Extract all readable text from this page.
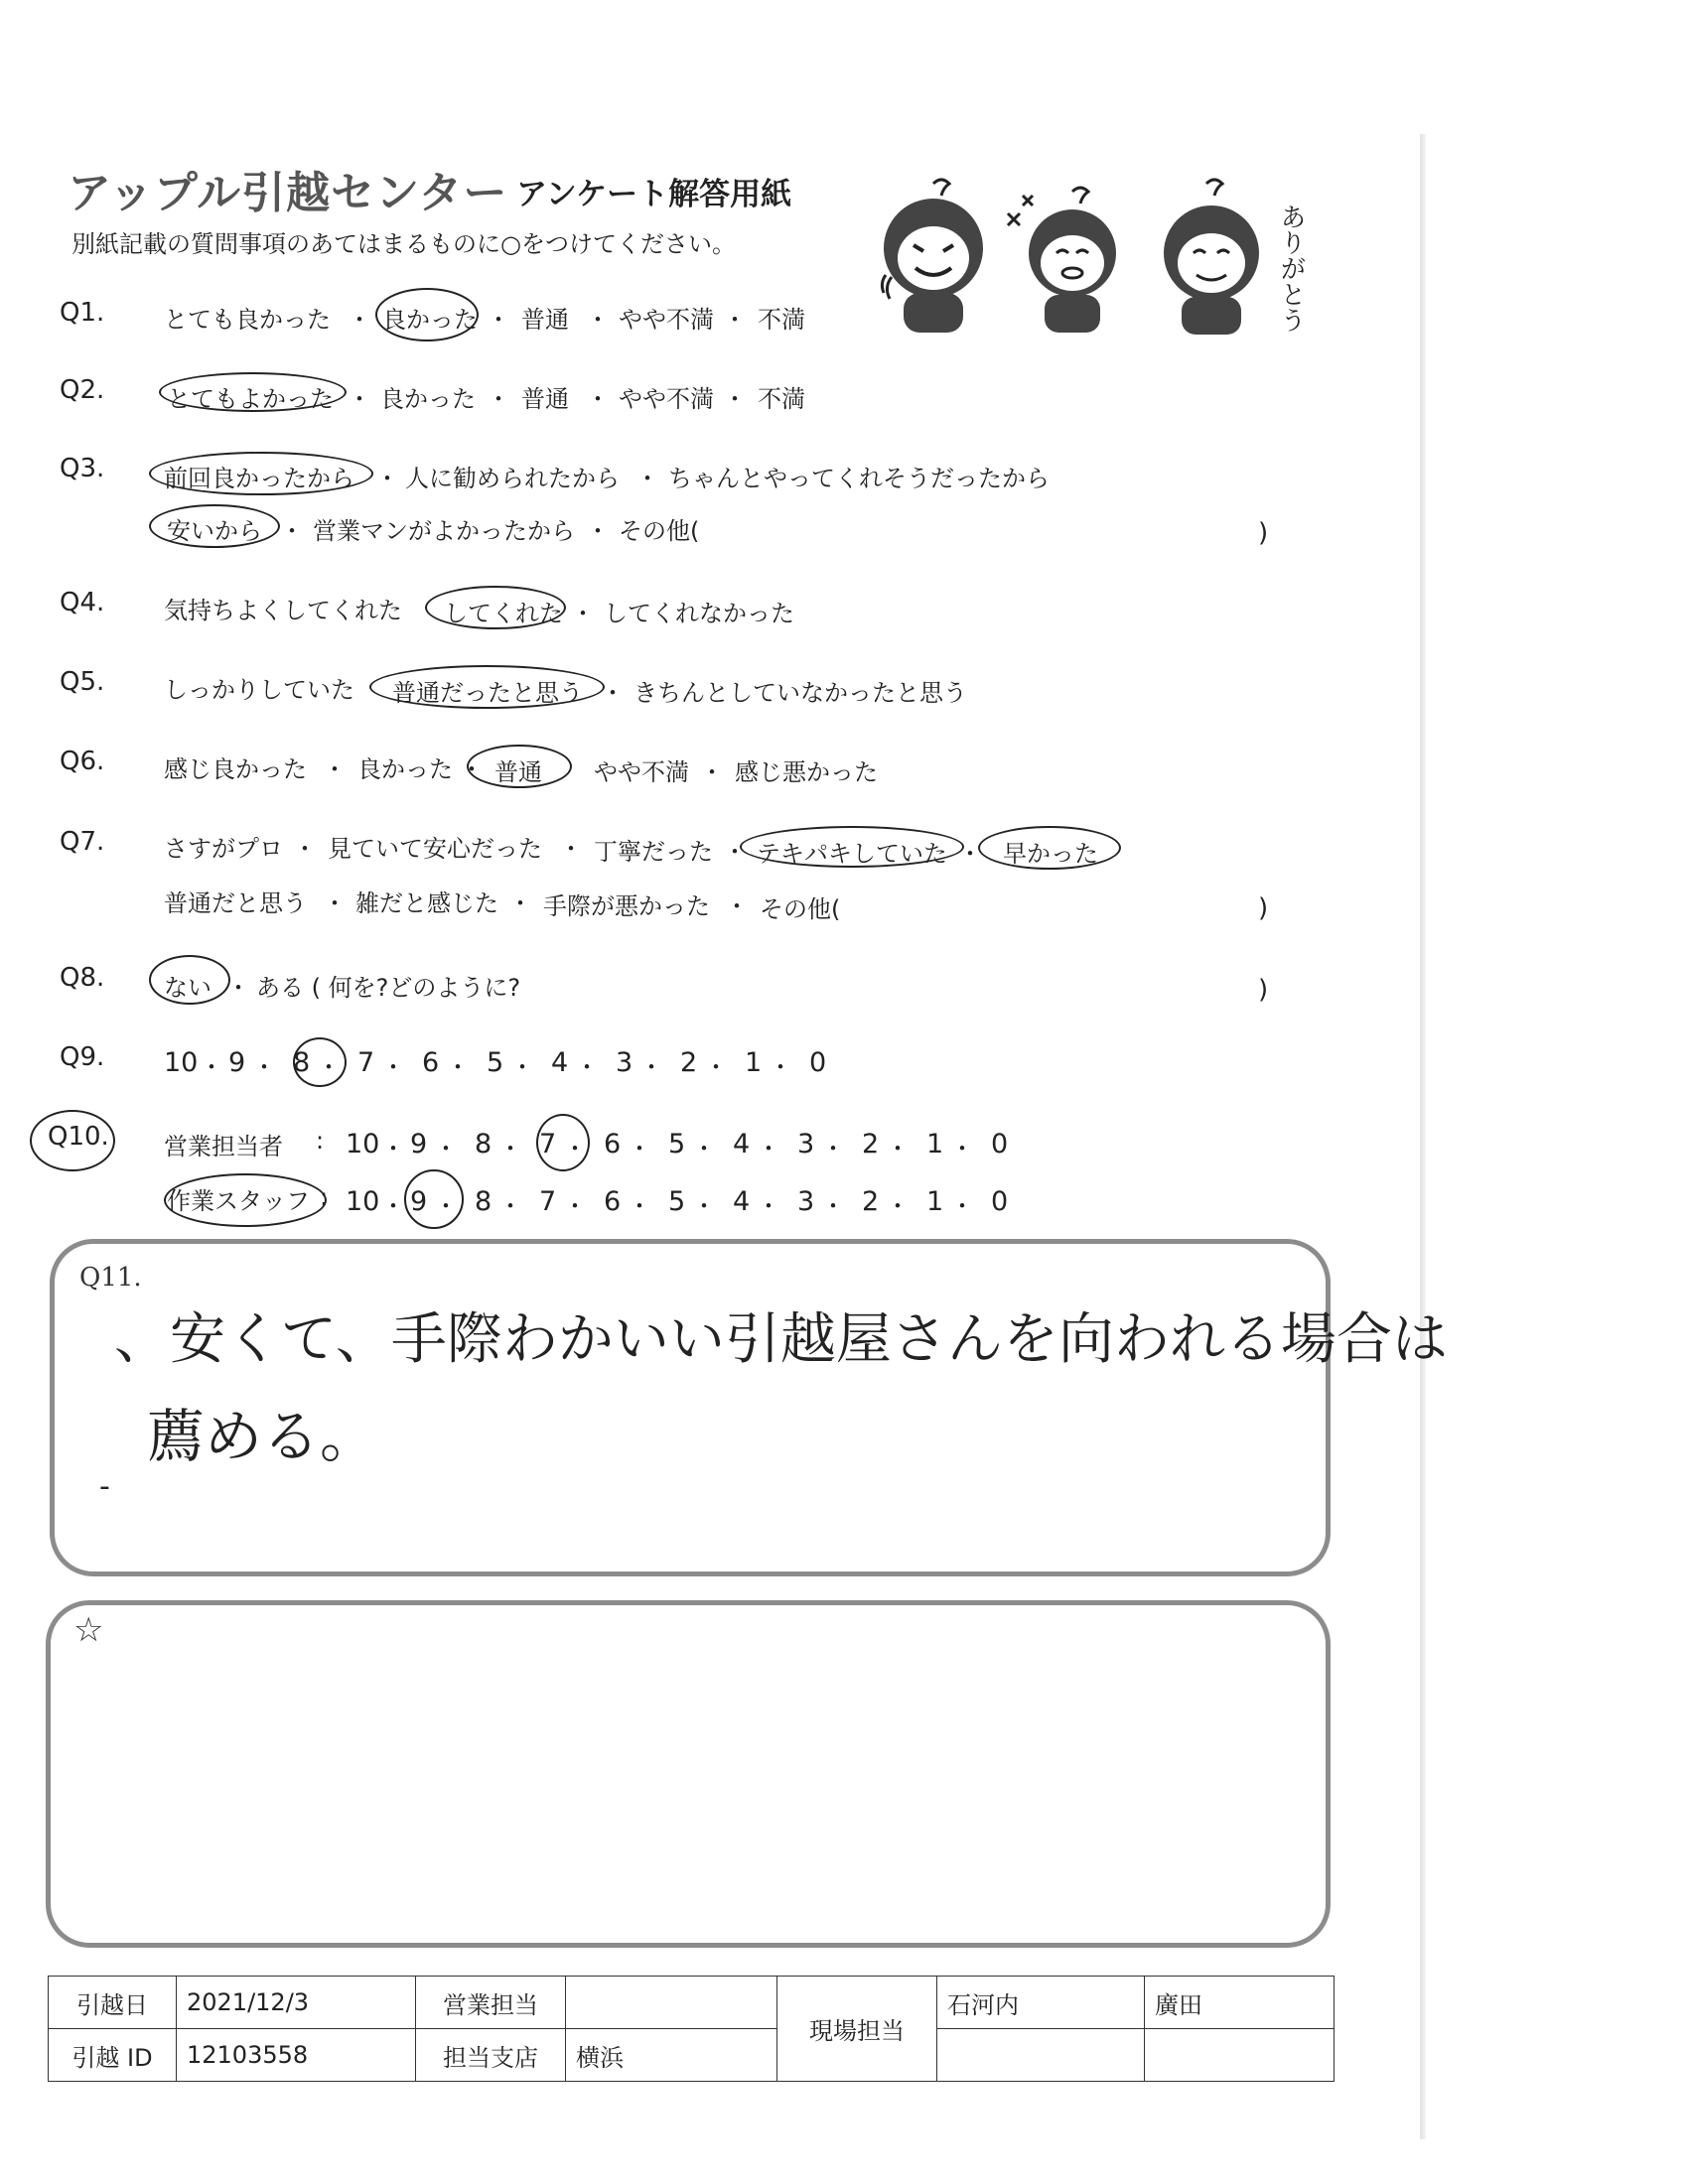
アップル引越センター アンケート解答用紙
別紙記載の質問事項のあてはまるものに○をつけてください。	ありがとう
Q1. とても良かった ・ 良かった ・ 普通 ・ やや不満 ・ 不満
Q2.	とてもよかった ・ 良かった ・ 普通 ・ やや不満 ・ 不満
Q3. 前回良かったから ・ 人に勧められたから ・ ちゃんとやってくれそうだったから
安いから ・ 営業マンがよかったから ・ その他(	)
Q4. 気持ちよくしてくれた してくれた ・ してくれなかった
Q5. しっかりしていた 普通だったと思う ・ きちんとしていなかったと思う
Q6. 感じ良かった ・ 良かった ・ 普通 やや不満 ・ 感じ悪かった
Q7. さすがプロ ・ 見ていて安心だった ・ 丁寧だった ・ テキパキしていた ・ 早かった
普通だと思う ・ 雑だと感じた ・ 手際が悪かった ・ その他(	)
Q8. ない ・ ある ( 何を?どのように?	)
Q9. 10 ・ 9 ・ 8 ・ 7 ・ 6 ・ 5 ・ 4 ・ 3 ・ 2 ・ 1 ・ 0
Q10. 営業担当者 : 10 ・ 9 ・ 8 ・ 7 ・ 6 ・ 5 ・ 4 ・ 3 ・ 2 ・ 1 ・ 0
作業スタッフ : 10 ・ 9 ・ 8 ・ 7 ・ 6 ・ 5 ・ 4 ・ 3 ・ 2 ・ 1 ・ 0
Q11.
、安くて、手際わかいい引越屋さんを向われる場合は
薦める。
-
☆
引越日	2021/12/3	営業担当		現場担当	石河内	廣田
引越 ID	12103558	担当支店	横浜			
